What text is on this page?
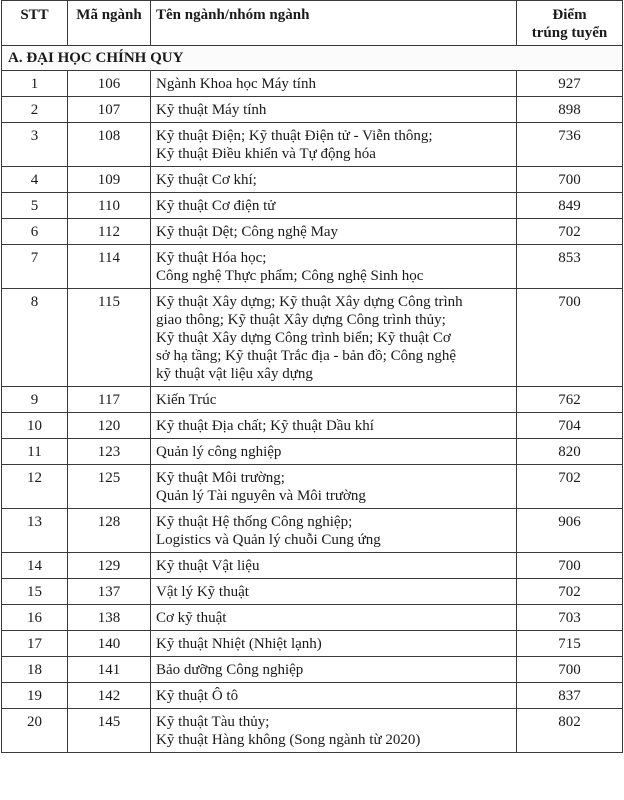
STT	Mã ngành	Tên ngành/nhóm ngành	Điểm
trúng tuyển

A. ĐẠI HỌC CHÍNH QUY			
1	106	Ngành Khoa học Máy tính	927
2	107	Kỹ thuật Máy tính	898
3	108	Kỹ thuật Điện; Kỹ thuật Điện tử - Viễn thông;
Kỹ thuật Điều khiển và Tự động hóa	736
4	109	Kỹ thuật Cơ khí;	700
5	110	Kỹ thuật Cơ điện tử	849
6	112	Kỹ thuật Dệt; Công nghệ May	702
7	114	Kỹ thuật Hóa học;
Công nghệ Thực phẩm; Công nghệ Sinh học	853
8	115	Kỹ thuật Xây dựng; Kỹ thuật Xây dựng Công trình
giao thông; Kỹ thuật Xây dựng Công trình thủy;
Kỹ thuật Xây dựng Công trình biển; Kỹ thuật Cơ
sở hạ tầng; Kỹ thuật Trắc địa - bản đồ; Công nghệ
kỹ thuật vật liệu xây dựng	700
9	117	Kiến Trúc	762
10	120	Kỹ thuật Địa chất; Kỹ thuật Dầu khí	704
11	123	Quản lý công nghiệp	820
12	125	Kỹ thuật Môi trường;
Quản lý Tài nguyên và Môi trường	702
13	128	Kỹ thuật Hệ thống Công nghiệp;
Logistics và Quản lý chuỗi Cung ứng	906
14	129	Kỹ thuật Vật liệu	700
15	137	Vật lý Kỹ thuật	702
16	138	Cơ kỹ thuật	703
17	140	Kỹ thuật Nhiệt (Nhiệt lạnh)	715
18	141	Bảo dưỡng Công nghiệp	700
19	142	Kỹ thuật Ô tô	837
20	145	Kỹ thuật Tàu thủy;
Kỹ thuật Hàng không (Song ngành từ 2020)	802
